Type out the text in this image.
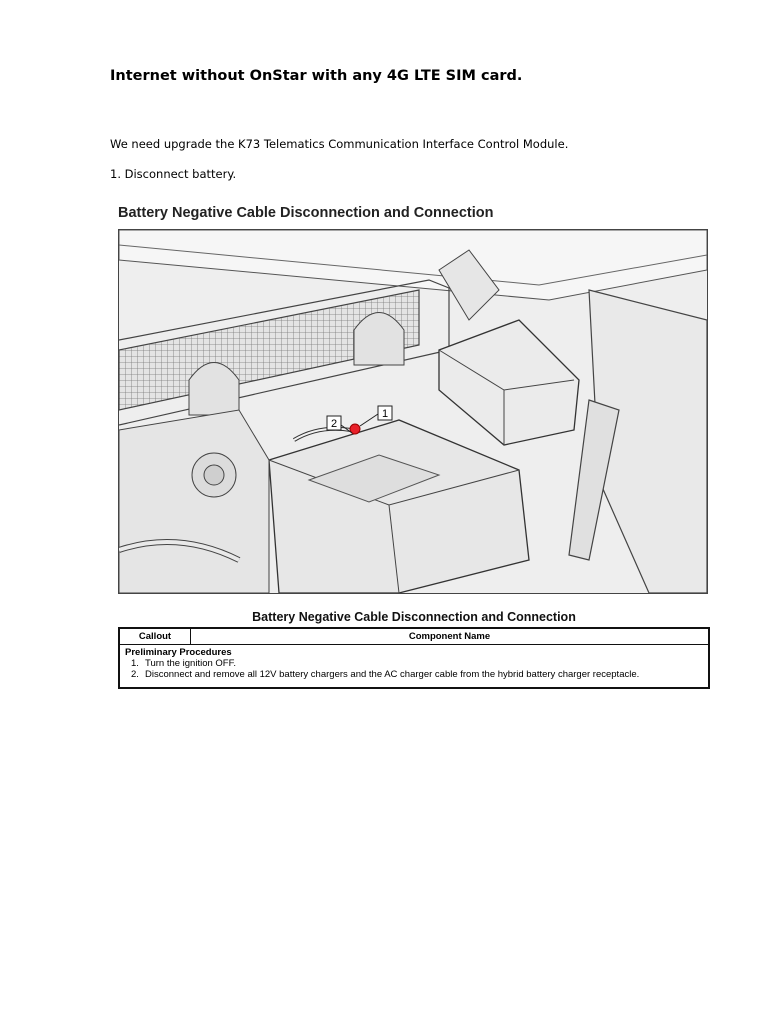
Internet without OnStar with any 4G LTE SIM card.

We need upgrade the K73 Telematics Communication Interface Control Module.

1. Disconnect battery.

Battery Negative Cable Disconnection and Connection
1
2
Battery Negative Cable Disconnection and Connection
Callout	Component Name
Preliminary Procedures
1. Turn the ignition OFF.
2. Disconnect and remove all 12V battery chargers and the AC charger cable from the hybrid battery charger receptacle.
